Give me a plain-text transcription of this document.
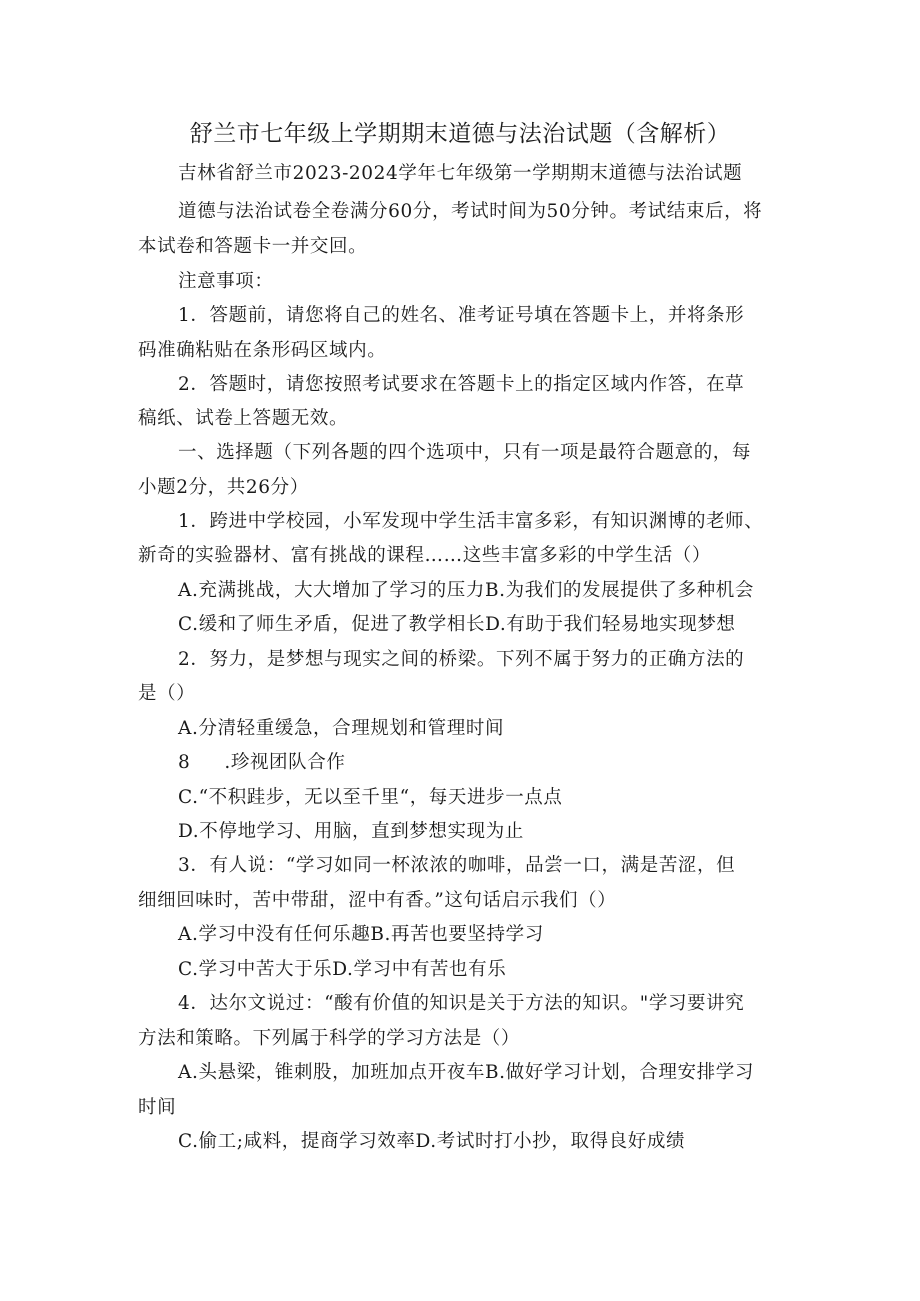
舒兰市七年级上学期期末道德与法治试题（含解析）
吉林省舒兰市2023-2024学年七年级第一学期期末道德与法治试题
道德与法治试卷全卷满分60分，考试时间为50分钟。考试结束后，将
本试卷和答题卡一并交回。
注意事项：
1．答题前，请您将自己的姓名、准考证号填在答题卡上，并将条形
码准确粘贴在条形码区域内。
2．答题时，请您按照考试要求在答题卡上的指定区域内作答，在草
稿纸、试卷上答题无效。
一、选择题（下列各题的四个选项中，只有一项是最符合题意的，每
小题2分，共26分）
1．跨进中学校园，小军发现中学生活丰富多彩，有知识渊博的老师、
新奇的实验器材、富有挑战的课程……这些丰富多彩的中学生活（）
A.充满挑战，大大增加了学习的压力B.为我们的发展提供了多种机会
C.缓和了师生矛盾，促进了教学相长D.有助于我们轻易地实现梦想
2．努力，是梦想与现实之间的桥梁。下列不属于努力的正确方法的
是（）
A.分清轻重缓急，合理规划和管理时间
8 .珍视团队合作
C.“不积跬步，无以至千里“，每天进步一点点
D.不停地学习、用脑，直到梦想实现为止
3．有人说：“学习如同一杯浓浓的咖啡，品尝一口，满是苦涩，但
细细回味时，苦中带甜，涩中有香。”这句话启示我们（）
A.学习中没有任何乐趣B.再苦也要坚持学习
C.学习中苦大于乐D.学习中有苦也有乐
4．达尔文说过：“酸有价值的知识是关于方法的知识。"学习要讲究
方法和策略。下列属于科学的学习方法是（）
A.头悬梁，锥刺股，加班加点开夜车B.做好学习计划，合理安排学习
时间
C.偷工;咸料，提商学习效率D.考试时打小抄，取得良好成绩
